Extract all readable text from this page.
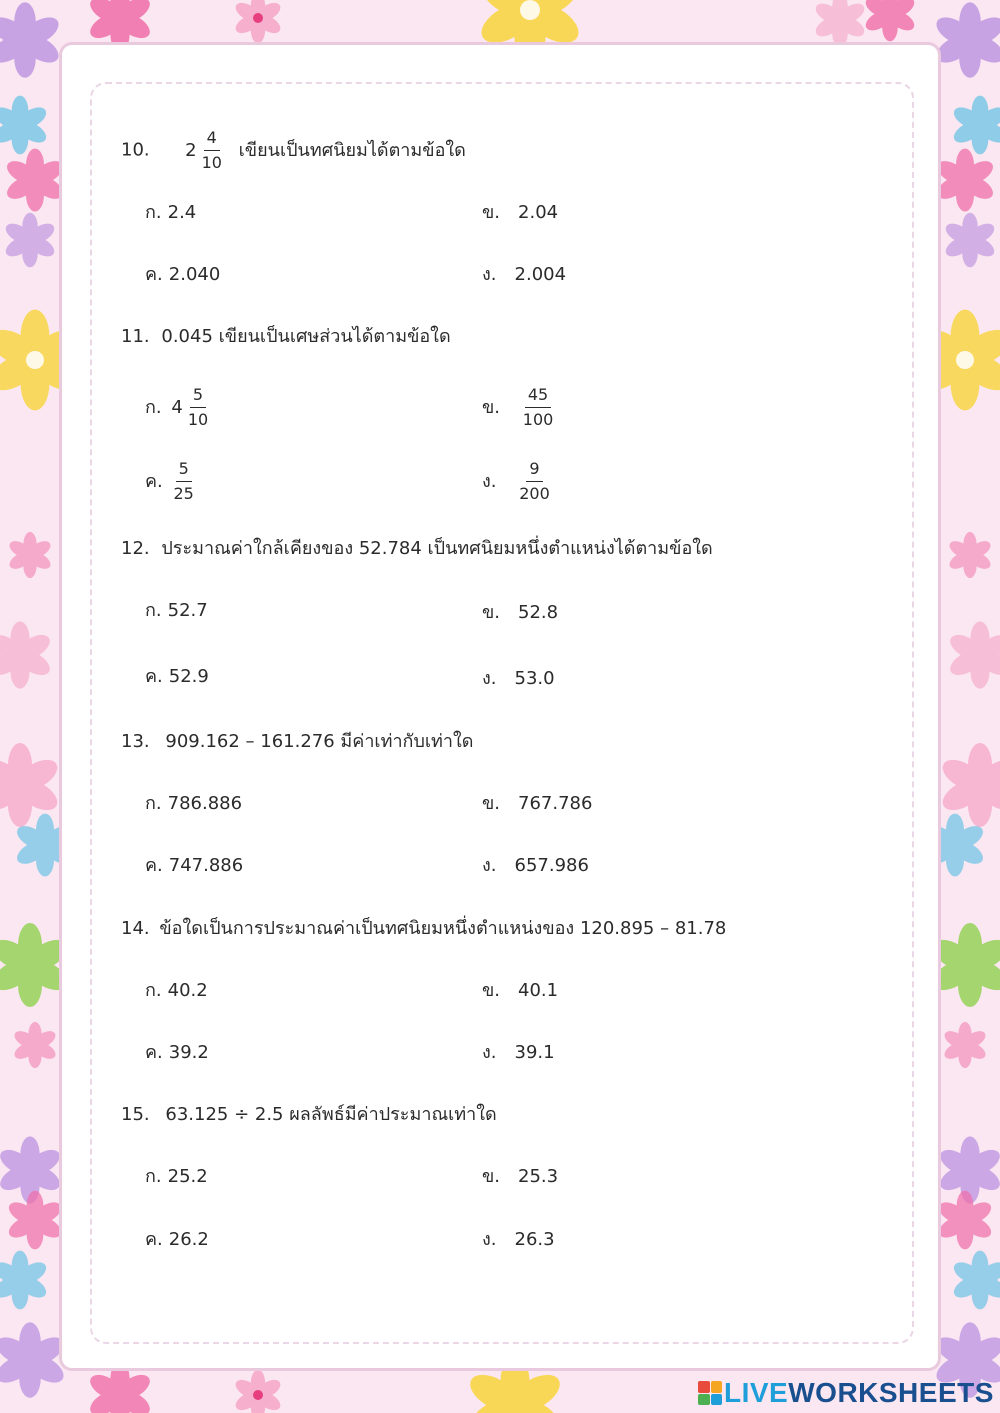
10. $2 \frac{4}{10}$ เขียนเป็นทศนิยมได้ตามข้อใด
ก. 2.4	ข. 2.04
ค. 2.040	ง. 2.004
11. 0.045 เขียนเป็นเศษส่วนได้ตามข้อใด
ก. $4 \frac{5}{10}$	ข. $\frac{45}{100}$
ค. $\frac{5}{25}$	ง. $\frac{9}{200}$
12. ประมาณค่าใกล้เคียงของ 52.784 เป็นทศนิยมหนึ่งตำแหน่งได้ตามข้อใด
ก. 52.7	ข. 52.8
ค. 52.9	ง. 53.0
13. 909.162 – 161.276 มีค่าเท่ากับเท่าใด
ก. 786.886	ข. 767.786
ค. 747.886	ง. 657.986
14. ข้อใดเป็นการประมาณค่าเป็นทศนิยมหนึ่งตำแหน่งของ 120.895 – 81.78
ก. 40.2	ข. 40.1
ค. 39.2	ง. 39.1
15. 63.125 ÷ 2.5 ผลลัพธ์มีค่าประมาณเท่าใด
ก. 25.2	ข. 25.3
ค. 26.2	ง. 26.3
LIVE WORKSHEETS
